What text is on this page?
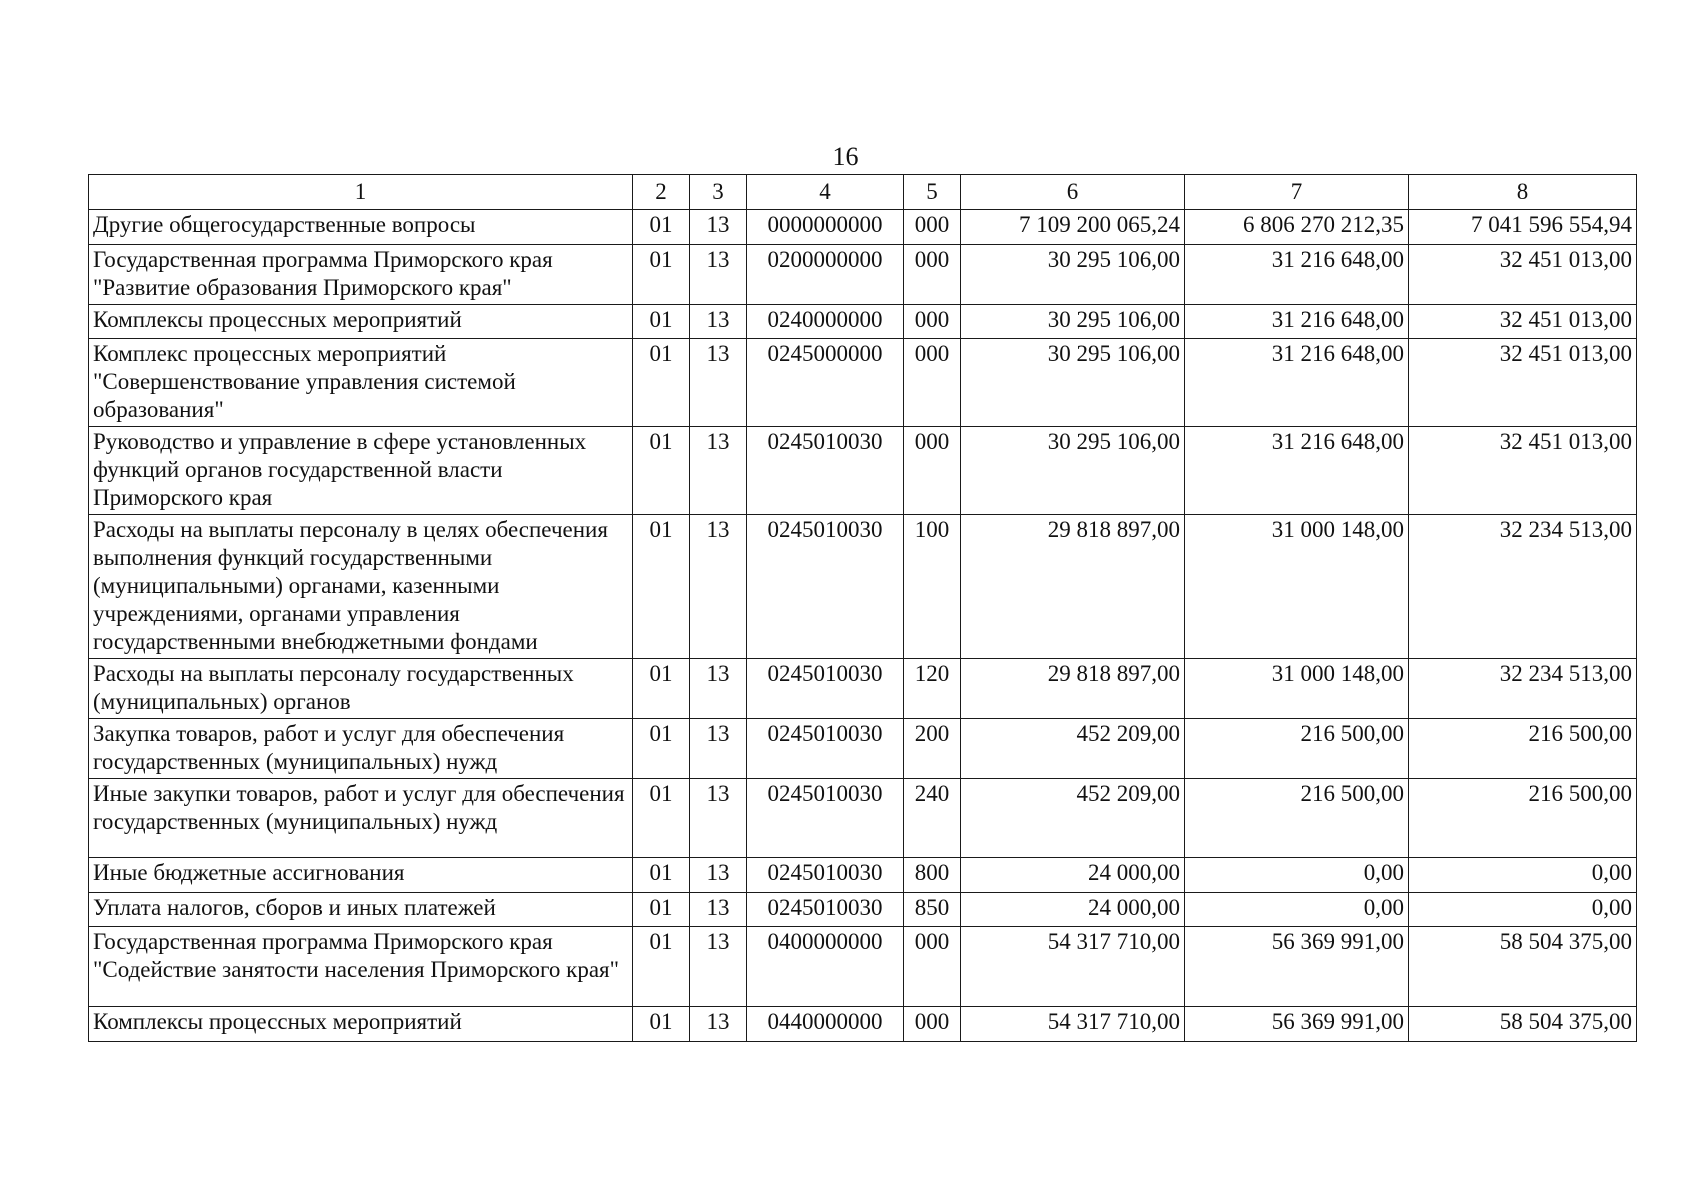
16
1	2	3	4	5	6	7	8
Другие общегосударственные вопросы	01	13	0000000000	000	7 109 200 065,24	6 806 270 212,35	7 041 596 554,94
Государственная программа Приморского края "Развитие образования Приморского края"	01	13	0200000000	000	30 295 106,00	31 216 648,00	32 451 013,00
Комплексы процессных мероприятий	01	13	0240000000	000	30 295 106,00	31 216 648,00	32 451 013,00
Комплекс процессных мероприятий "Совершенствование управления системой образования"	01	13	0245000000	000	30 295 106,00	31 216 648,00	32 451 013,00
Руководство и управление в сфере установленных функций органов государственной власти Приморского края	01	13	0245010030	000	30 295 106,00	31 216 648,00	32 451 013,00
Расходы на выплаты персоналу в целях обеспечения выполнения функций государственными (муниципальными) органами, казенными учреждениями, органами управления государственными внебюджетными фондами	01	13	0245010030	100	29 818 897,00	31 000 148,00	32 234 513,00
Расходы на выплаты персоналу государственных (муниципальных) органов	01	13	0245010030	120	29 818 897,00	31 000 148,00	32 234 513,00
Закупка товаров, работ и услуг для обеспечения государственных (муниципальных) нужд	01	13	0245010030	200	452 209,00	216 500,00	216 500,00
Иные закупки товаров, работ и услуг для обеспечения государственных (муниципальных) нужд	01	13	0245010030	240	452 209,00	216 500,00	216 500,00
Иные бюджетные ассигнования	01	13	0245010030	800	24 000,00	0,00	0,00
Уплата налогов, сборов и иных платежей	01	13	0245010030	850	24 000,00	0,00	0,00
Государственная программа Приморского края "Содействие занятости населения Приморского края"	01	13	0400000000	000	54 317 710,00	56 369 991,00	58 504 375,00
Комплексы процессных мероприятий	01	13	0440000000	000	54 317 710,00	56 369 991,00	58 504 375,00
